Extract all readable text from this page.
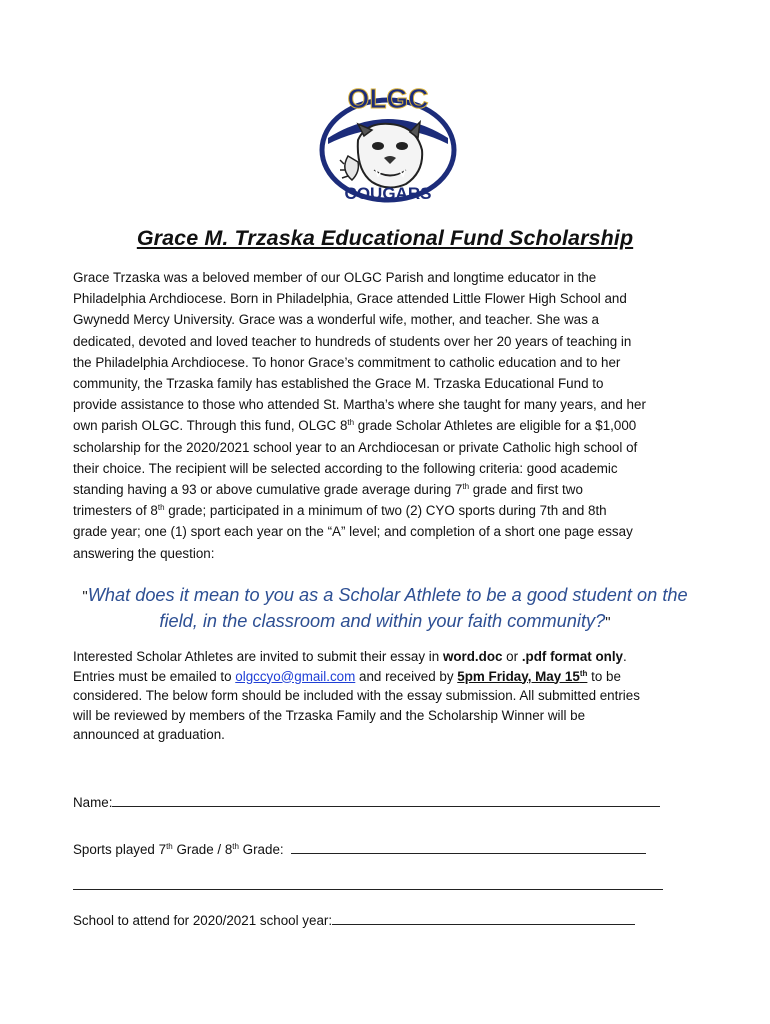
OLGC
COUGARS
Grace M. Trzaska Educational Fund Scholarship
Grace Trzaska was a beloved member of our OLGC Parish and longtime educator in the
Philadelphia Archdiocese. Born in Philadelphia, Grace attended Little Flower High School and
Gwynedd Mercy University. Grace was a wonderful wife, mother, and teacher. She was a
dedicated, devoted and loved teacher to hundreds of students over her 20 years of teaching in
the Philadelphia Archdiocese. To honor Grace’s commitment to catholic education and to her
community, the Trzaska family has established the Grace M. Trzaska Educational Fund to
provide assistance to those who attended St. Martha’s where she taught for many years, and her
own parish OLGC. Through this fund, OLGC 8th grade Scholar Athletes are eligible for a $1,000
scholarship for the 2020/2021 school year to an Archdiocesan or private Catholic high school of
their choice. The recipient will be selected according to the following criteria: good academic
standing having a 93 or above cumulative grade average during 7th grade and first two
trimesters of 8th grade; participated in a minimum of two (2) CYO sports during 7th and 8th
grade year; one (1) sport each year on the “A” level; and completion of a short one page essay
answering the question:
"What does it mean to you as a Scholar Athlete to be a good student on the
field, in the classroom and within your faith community?"
Interested Scholar Athletes are invited to submit their essay in word.doc or .pdf format only.
Entries must be emailed to olgccyo@gmail.com and received by 5pm Friday, May 15th to be
considered. The below form should be included with the essay submission. All submitted entries
will be reviewed by members of the Trzaska Family and the Scholarship Winner will be
announced at graduation.
Name:
Sports played 7th Grade / 8th Grade:
School to attend for 2020/2021 school year:
